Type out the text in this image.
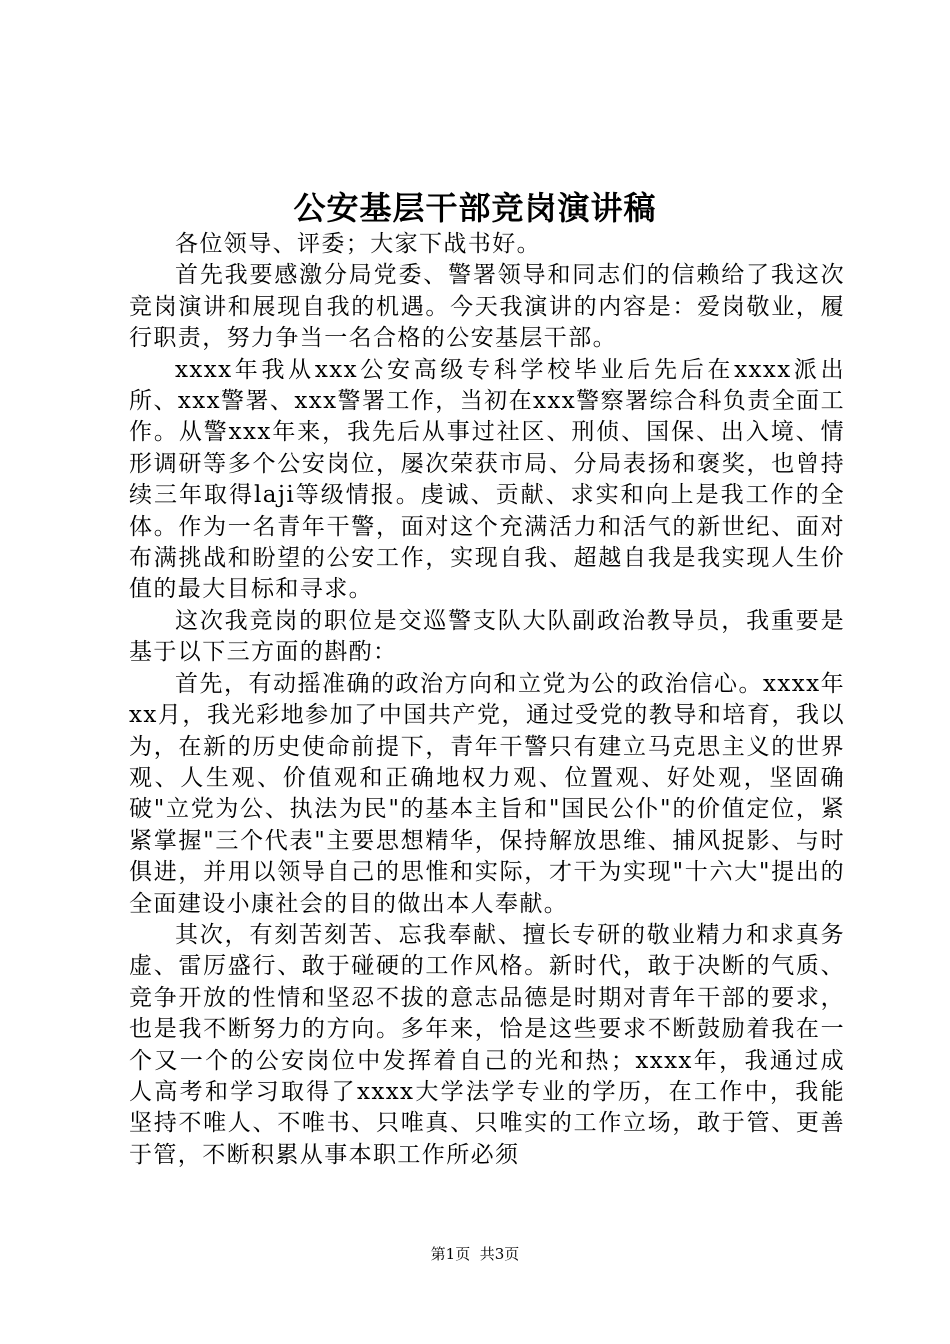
公安基层干部竞岗演讲稿

各位领导、评委；大家下战书好。

首先我要感激分局党委、警署领导和同志们的信赖给了我这次竞岗演讲和展现自我的机遇。今天我演讲的内容是：爱岗敬业，履行职责，努力争当一名合格的公安基层干部。

xxxx年我从xxx公安高级专科学校毕业后先后在xxxx派出所、xxx警署、xxx警署工作，当初在xxx警察署综合科负责全面工作。从警xxx年来，我先后从事过社区、刑侦、国保、出入境、情形调研等多个公安岗位，屡次荣获市局、分局表扬和褒奖，也曾持续三年取得laji等级情报。虔诚、贡献、求实和向上是我工作的全体。作为一名青年干警，面对这个充满活力和活气的新世纪、面对布满挑战和盼望的公安工作，实现自我、超越自我是我实现人生价值的最大目标和寻求。

这次我竞岗的职位是交巡警支队大队副政治教导员，我重要是基于以下三方面的斟酌：

首先，有动摇准确的政治方向和立党为公的政治信心。xxxx年xx月，我光彩地参加了中国共产党，通过受党的教导和培育，我以为，在新的历史使命前提下，青年干警只有建立马克思主义的世界观、人生观、价值观和正确地权力观、位置观、好处观，坚固确破"立党为公、执法为民"的基本主旨和"国民公仆"的价值定位，紧紧掌握"三个代表"主要思想精华，保持解放思维、捕风捉影、与时俱进，并用以领导自己的思惟和实际，才干为实现"十六大"提出的全面建设小康社会的目的做出本人奉献。

其次，有刻苦刻苦、忘我奉献、擅长专研的敬业精力和求真务虚、雷厉盛行、敢于碰硬的工作风格。新时代，敢于决断的气质、竞争开放的性情和坚忍不拔的意志品德是时期对青年干部的要求，也是我不断努力的方向。多年来，恰是这些要求不断鼓励着我在一个又一个的公安岗位中发挥着自己的光和热；xxxx年，我通过成人高考和学习取得了xxxx大学法学专业的学历，在工作中，我能坚持不唯人、不唯书、只唯真、只唯实的工作立场，敢于管、更善于管，不断积累从事本职工作所必须

第1页 共3页
